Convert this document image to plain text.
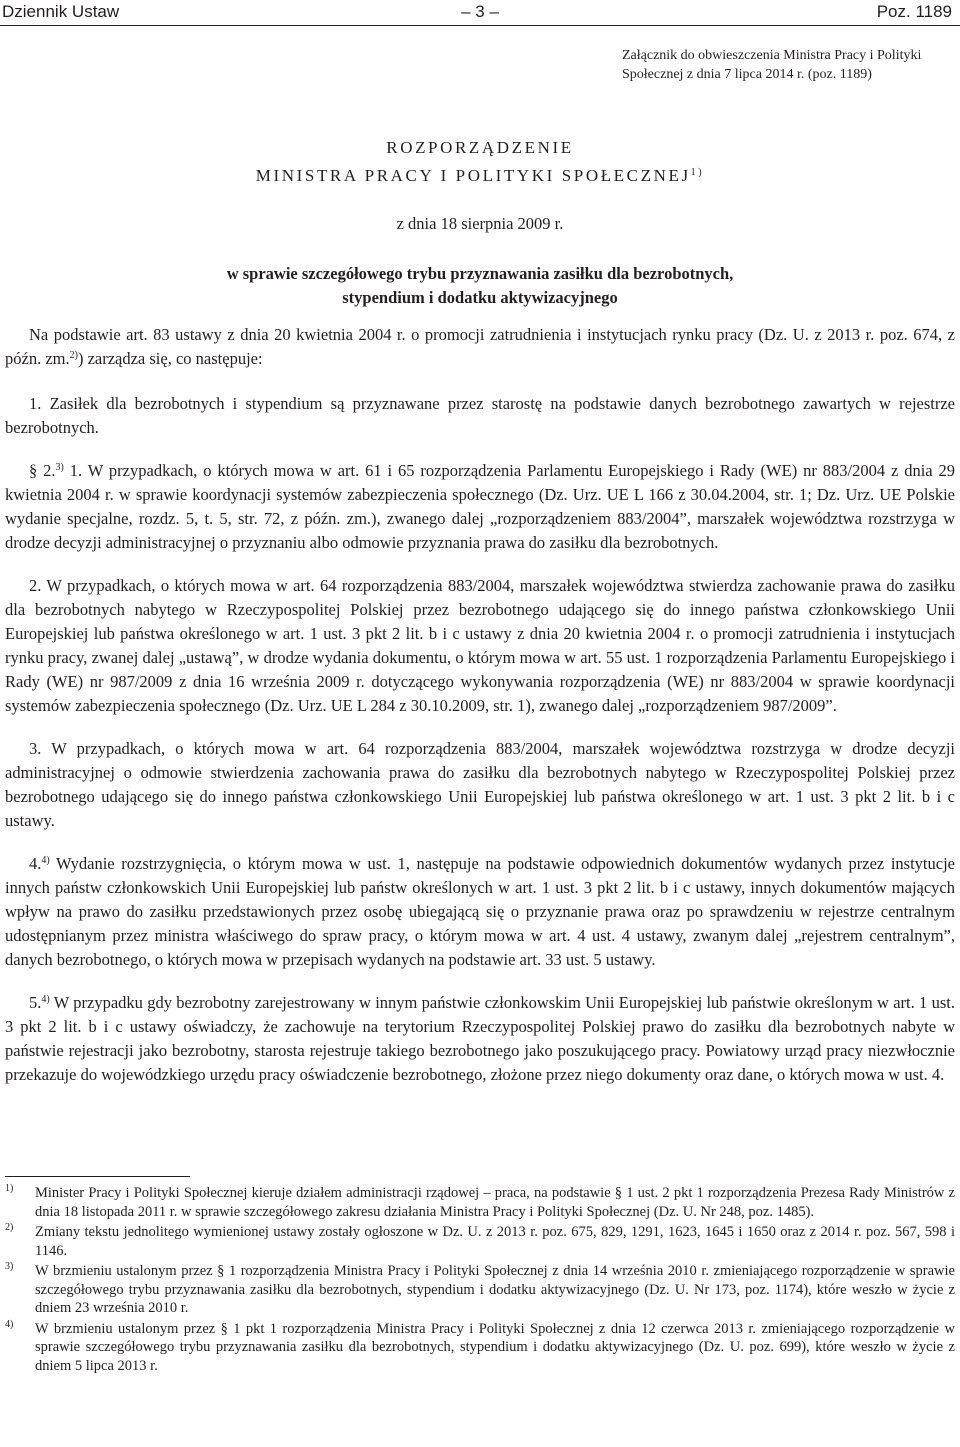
Dziennik Ustaw	– 3 –	Poz. 1189
Załącznik do obwieszczenia Ministra Pracy i Polityki Społecznej z dnia 7 lipca 2014 r. (poz. 1189)
ROZPORZĄDZENIE
MINISTRA PRACY I POLITYKI SPOŁECZNEJ$^{1)}$
z dnia 18 sierpnia 2009 r.
w sprawie szczegółowego trybu przyznawania zasiłku dla bezrobotnych,
stypendium i dodatku aktywizacyjnego

Na podstawie art. 83 ustawy z dnia 20 kwietnia 2004 r. o promocji zatrudnienia i instytucjach rynku pracy (Dz. U. z 2013 r. poz. 674, z późn. zm.$^{2)}$) zarządza się, co następuje:

1. Zasiłek dla bezrobotnych i stypendium są przyznawane przez starostę na podstawie danych bezrobotnego zawartych w rejestrze bezrobotnych.

§ 2.$^{3)}$ 1. W przypadkach, o których mowa w art. 61 i 65 rozporządzenia Parlamentu Europejskiego i Rady (WE) nr 883/2004 z dnia 29 kwietnia 2004 r. w sprawie koordynacji systemów zabezpieczenia społecznego (Dz. Urz. UE L 166 z 30.04.2004, str. 1; Dz. Urz. UE Polskie wydanie specjalne, rozdz. 5, t. 5, str. 72, z późn. zm.), zwanego dalej „rozporządzeniem 883/2004”, marszałek województwa rozstrzyga w drodze decyzji administracyjnej o przyznaniu albo odmowie przyznania prawa do zasiłku dla bezrobotnych.

2. W przypadkach, o których mowa w art. 64 rozporządzenia 883/2004, marszałek województwa stwierdza zachowanie prawa do zasiłku dla bezrobotnych nabytego w Rzeczypospolitej Polskiej przez bezrobotnego udającego się do innego państwa członkowskiego Unii Europejskiej lub państwa określonego w art. 1 ust. 3 pkt 2 lit. b i c ustawy z dnia 20 kwietnia 2004 r. o promocji zatrudnienia i instytucjach rynku pracy, zwanej dalej „ustawą”, w drodze wydania dokumentu, o którym mowa w art. 55 ust. 1 rozporządzenia Parlamentu Europejskiego i Rady (WE) nr 987/2009 z dnia 16 września 2009 r. dotyczącego wykonywania rozporządzenia (WE) nr 883/2004 w sprawie koordynacji systemów zabezpieczenia społecznego (Dz. Urz. UE L 284 z 30.10.2009, str. 1), zwanego dalej „rozporządzeniem 987/2009”.

3. W przypadkach, o których mowa w art. 64 rozporządzenia 883/2004, marszałek województwa rozstrzyga w drodze decyzji administracyjnej o odmowie stwierdzenia zachowania prawa do zasiłku dla bezrobotnych nabytego w Rzeczypospolitej Polskiej przez bezrobotnego udającego się do innego państwa członkowskiego Unii Europejskiej lub państwa określonego w art. 1 ust. 3 pkt 2 lit. b i c ustawy.

4.$^{4)}$ Wydanie rozstrzygnięcia, o którym mowa w ust. 1, następuje na podstawie odpowiednich dokumentów wydanych przez instytucje innych państw członkowskich Unii Europejskiej lub państw określonych w art. 1 ust. 3 pkt 2 lit. b i c ustawy, innych dokumentów mających wpływ na prawo do zasiłku przedstawionych przez osobę ubiegającą się o przyznanie prawa oraz po sprawdzeniu w rejestrze centralnym udostępnianym przez ministra właściwego do spraw pracy, o którym mowa w art. 4 ust. 4 ustawy, zwanym dalej „rejestrem centralnym”, danych bezrobotnego, o których mowa w przepisach wydanych na podstawie art. 33 ust. 5 ustawy.

5.$^{4)}$ W przypadku gdy bezrobotny zarejestrowany w innym państwie członkowskim Unii Europejskiej lub państwie określonym w art. 1 ust. 3 pkt 2 lit. b i c ustawy oświadczy, że zachowuje na terytorium Rzeczypospolitej Polskiej prawo do zasiłku dla bezrobotnych nabyte w państwie rejestracji jako bezrobotny, starosta rejestruje takiego bezrobotnego jako poszukującego pracy. Powiatowy urząd pracy niezwłocznie przekazuje do wojewódzkiego urzędu pracy oświadczenie bezrobotnego, złożone przez niego dokumenty oraz dane, o których mowa w ust. 4.

1) Minister Pracy i Polityki Społecznej kieruje działem administracji rządowej – praca, na podstawie § 1 ust. 2 pkt 1 rozporządzenia Prezesa Rady Ministrów z dnia 18 listopada 2011 r. w sprawie szczegółowego zakresu działania Ministra Pracy i Polityki Społecznej (Dz. U. Nr 248, poz. 1485).
2) Zmiany tekstu jednolitego wymienionej ustawy zostały ogłoszone w Dz. U. z 2013 r. poz. 675, 829, 1291, 1623, 1645 i 1650 oraz z 2014 r. poz. 567, 598 i 1146.
3) W brzmieniu ustalonym przez § 1 rozporządzenia Ministra Pracy i Polityki Społecznej z dnia 14 września 2010 r. zmieniającego rozporządzenie w sprawie szczegółowego trybu przyznawania zasiłku dla bezrobotnych, stypendium i dodatku aktywizacyjnego (Dz. U. Nr 173, poz. 1174), które weszło w życie z dniem 23 września 2010 r.
4) W brzmieniu ustalonym przez § 1 pkt 1 rozporządzenia Ministra Pracy i Polityki Społecznej z dnia 12 czerwca 2013 r. zmieniającego rozporządzenie w sprawie szczegółowego trybu przyznawania zasiłku dla bezrobotnych, stypendium i dodatku aktywizacyjnego (Dz. U. poz. 699), które weszło w życie z dniem 5 lipca 2013 r.
